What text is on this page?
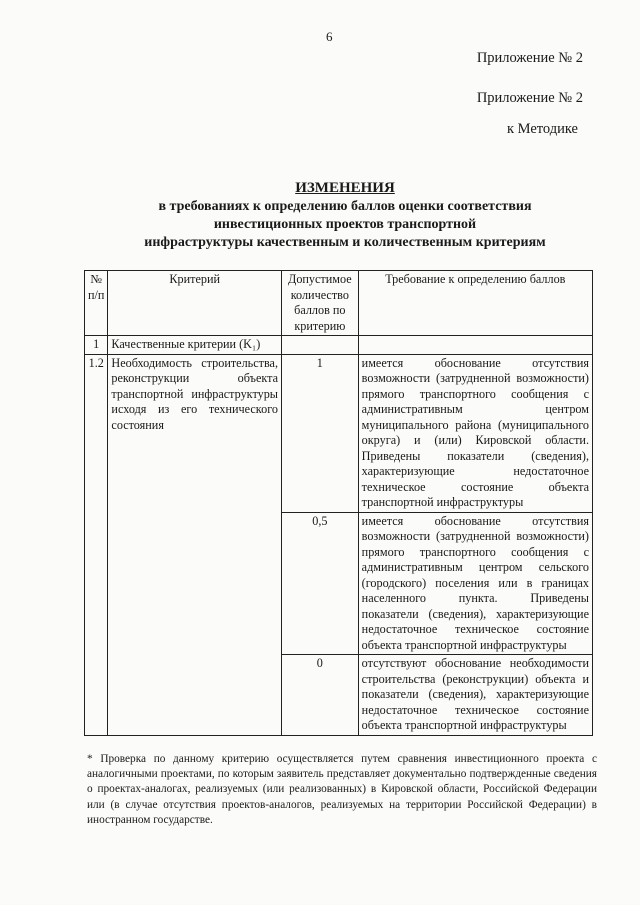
6
Приложение № 2
Приложение № 2
к Методике
ИЗМЕНЕНИЯ
в требованиях к определению баллов оценки соответствия
инвестиционных проектов транспортной
инфраструктуры качественным и количественным критериям
№ п/п	Критерий	Допустимое количество баллов по критерию	Требование к определению баллов
1	Качественные критерии (K₁)		
1.2	Необходимость строительства, реконструкции объекта транспортной инфраструктуры исходя из его технического состояния	1	имеется обоснование отсутствия возможности (затрудненной возможности) прямого транспортного сообщения с административным центром муниципального района (муниципального округа) и (или) Кировской области. Приведены показатели (сведения), характеризующие недостаточное техническое состояние объекта транспортной инфраструктуры
		0,5	имеется обоснование отсутствия возможности (затрудненной возможности) прямого транспортного сообщения с административным центром сельского (городского) поселения или в границах населенного пункта. Приведены показатели (сведения), характеризующие недостаточное техническое состояние объекта транспортной инфраструктуры
		0	отсутствуют обоснование необходимости строительства (реконструкции) объекта и показатели (сведения), характеризующие недостаточное техническое состояние объекта транспортной инфраструктуры
* Проверка по данному критерию осуществляется путем сравнения инвестиционного проекта с аналогичными проектами, по которым заявитель представляет документально подтвержденные сведения о проектах-аналогах, реализуемых (или реализованных) в Кировской области, Российской Федерации или (в случае отсутствия проектов-аналогов, реализуемых на территории Российской Федерации) в иностранном государстве.
